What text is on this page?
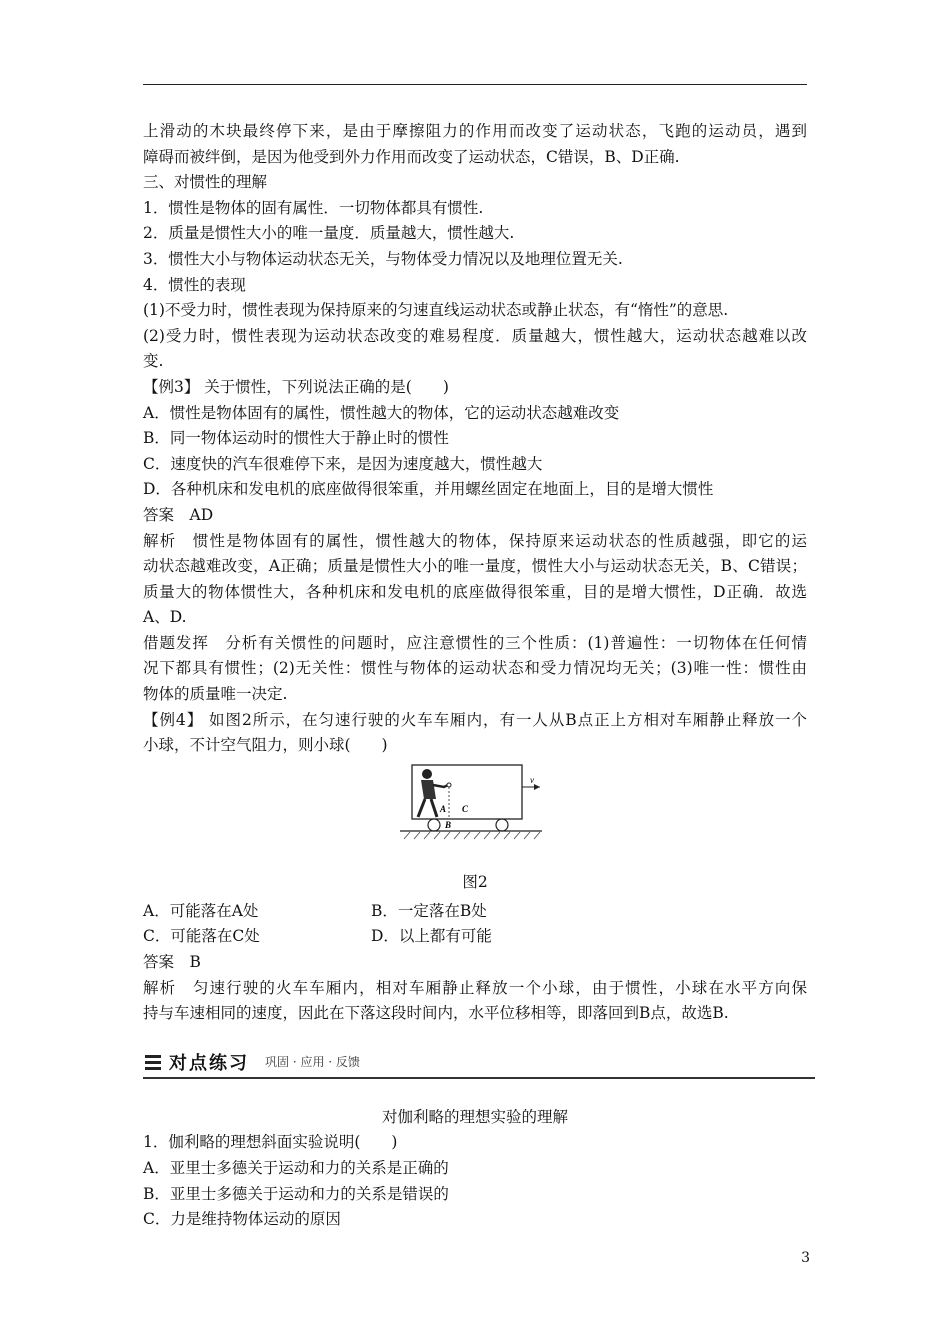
上滑动的木块最终停下来，是由于摩擦阻力的作用而改变了运动状态，飞跑的运动员，遇到
障碍而被绊倒，是因为他受到外力作用而改变了运动状态，C错误，B、D正确.
三、对惯性的理解
1．惯性是物体的固有属性．一切物体都具有惯性.
2．质量是惯性大小的唯一量度．质量越大，惯性越大.
3．惯性大小与物体运动状态无关，与物体受力情况以及地理位置无关.
4．惯性的表现
(1)不受力时，惯性表现为保持原来的匀速直线运动状态或静止状态，有“惰性”的意思.
(2)受力时，惯性表现为运动状态改变的难易程度．质量越大，惯性越大，运动状态越难以改
变.
【例3】 关于惯性，下列说法正确的是(　　)
A．惯性是物体固有的属性，惯性越大的物体，它的运动状态越难改变
B．同一物体运动时的惯性大于静止时的惯性
C．速度快的汽车很难停下来，是因为速度越大，惯性越大
D．各种机床和发电机的底座做得很笨重，并用螺丝固定在地面上，目的是增大惯性
答案　AD
解析　惯性是物体固有的属性，惯性越大的物体，保持原来运动状态的性质越强，即它的运
动状态越难改变，A正确；质量是惯性大小的唯一量度，惯性大小与运动状态无关，B、C错误；
质量大的物体惯性大，各种机床和发电机的底座做得很笨重，目的是增大惯性，D正确．故选
A、D.
借题发挥　分析有关惯性的问题时，应注意惯性的三个性质：(1)普遍性：一切物体在任何情
况下都具有惯性；(2)无关性：惯性与物体的运动状态和受力情况均无关；(3)唯一性：惯性由
物体的质量唯一决定.
【例4】 如图2所示，在匀速行驶的火车车厢内，有一人从B点正上方相对车厢静止释放一个
小球，不计空气阻力，则小球(　　)
v
A C
B
图2
A．可能落在A处	B．一定落在B处
C．可能落在C处	D．以上都有可能
答案　B
解析　匀速行驶的火车车厢内，相对车厢静止释放一个小球，由于惯性，小球在水平方向保
持与车速相同的速度，因此在下落这段时间内，水平位移相等，即落回到B点，故选B.
对点练习 巩固 · 应用 · 反馈
对伽利略的理想实验的理解
1．伽利略的理想斜面实验说明(　　)
A．亚里士多德关于运动和力的关系是正确的
B．亚里士多德关于运动和力的关系是错误的
C．力是维持物体运动的原因
3
